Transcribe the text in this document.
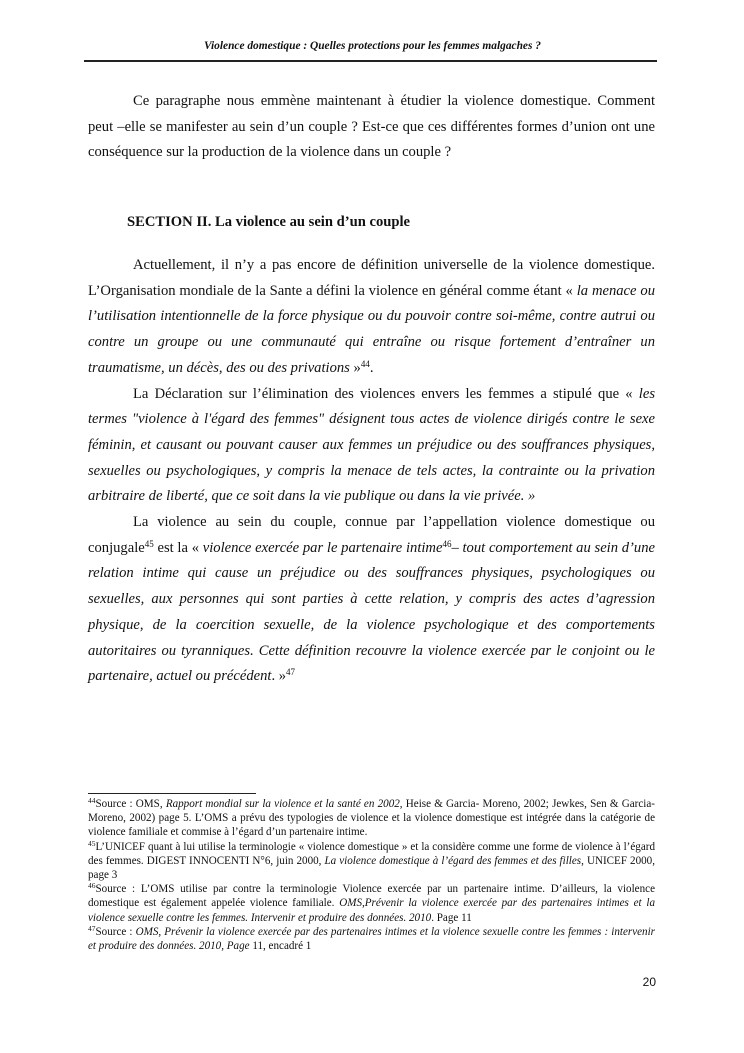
Violence domestique : Quelles protections pour les femmes malgaches ?

Ce paragraphe nous emmène maintenant à étudier la violence domestique. Comment peut –elle se manifester au sein d’un couple ? Est-ce que ces différentes formes d’union ont une conséquence sur la production de la violence dans un couple ?

SECTION II. La violence au sein d’un couple

Actuellement, il n’y a pas encore de définition universelle de la violence domestique. L’Organisation mondiale de la Sante a défini la violence en général comme étant « la menace ou l’utilisation intentionnelle de la force physique ou du pouvoir contre soi-même, contre autrui ou contre un groupe ou une communauté qui entraîne ou risque fortement d’entraîner un traumatisme, un décès, des ou des privations »$^{44}$.

La Déclaration sur l’élimination des violences envers les femmes a stipulé que « les termes "violence à l'égard des femmes" désignent tous actes de violence dirigés contre le sexe féminin, et causant ou pouvant causer aux femmes un préjudice ou des souffrances physiques, sexuelles ou psychologiques, y compris la menace de tels actes, la contrainte ou la privation arbitraire de liberté, que ce soit dans la vie publique ou dans la vie privée. »

La violence au sein du couple, connue par l’appellation violence domestique ou conjugale$^{45}$ est la « violence exercée par le partenaire intime$^{46}$– tout comportement au sein d’une relation intime qui cause un préjudice ou des souffrances physiques, psychologiques ou sexuelles, aux personnes qui sont parties à cette relation, y compris des actes d’agression physique, de la coercition sexuelle, de la violence psychologique et des comportements autoritaires ou tyranniques. Cette définition recouvre la violence exercée par le conjoint ou le partenaire, actuel ou précédent. »$^{47}$

$^{44}$Source : OMS, Rapport mondial sur la violence et la santé en 2002, Heise & Garcia- Moreno, 2002; Jewkes, Sen & Garcia-Moreno, 2002) page 5. L’OMS a prévu des typologies de violence et la violence domestique est intégrée dans la catégorie de violence familiale et commise à l’égard d’un partenaire intime.

$^{45}$L’UNICEF quant à lui utilise la terminologie « violence domestique » et la considère comme une forme de violence à l’égard des femmes. DIGEST INNOCENTI N°6, juin 2000, La violence domestique à l’égard des femmes et des filles, UNICEF 2000, page 3

$^{46}$Source : L’OMS utilise par contre la terminologie Violence exercée par un partenaire intime. D’ailleurs, la violence domestique est également appelée violence familiale. OMS,Prévenir la violence exercée par des partenaires intimes et la violence sexuelle contre les femmes. Intervenir et produire des données. 2010. Page 11

$^{47}$Source : OMS, Prévenir la violence exercée par des partenaires intimes et la violence sexuelle contre les femmes : intervenir et produire des données. 2010, Page 11, encadré 1

20
